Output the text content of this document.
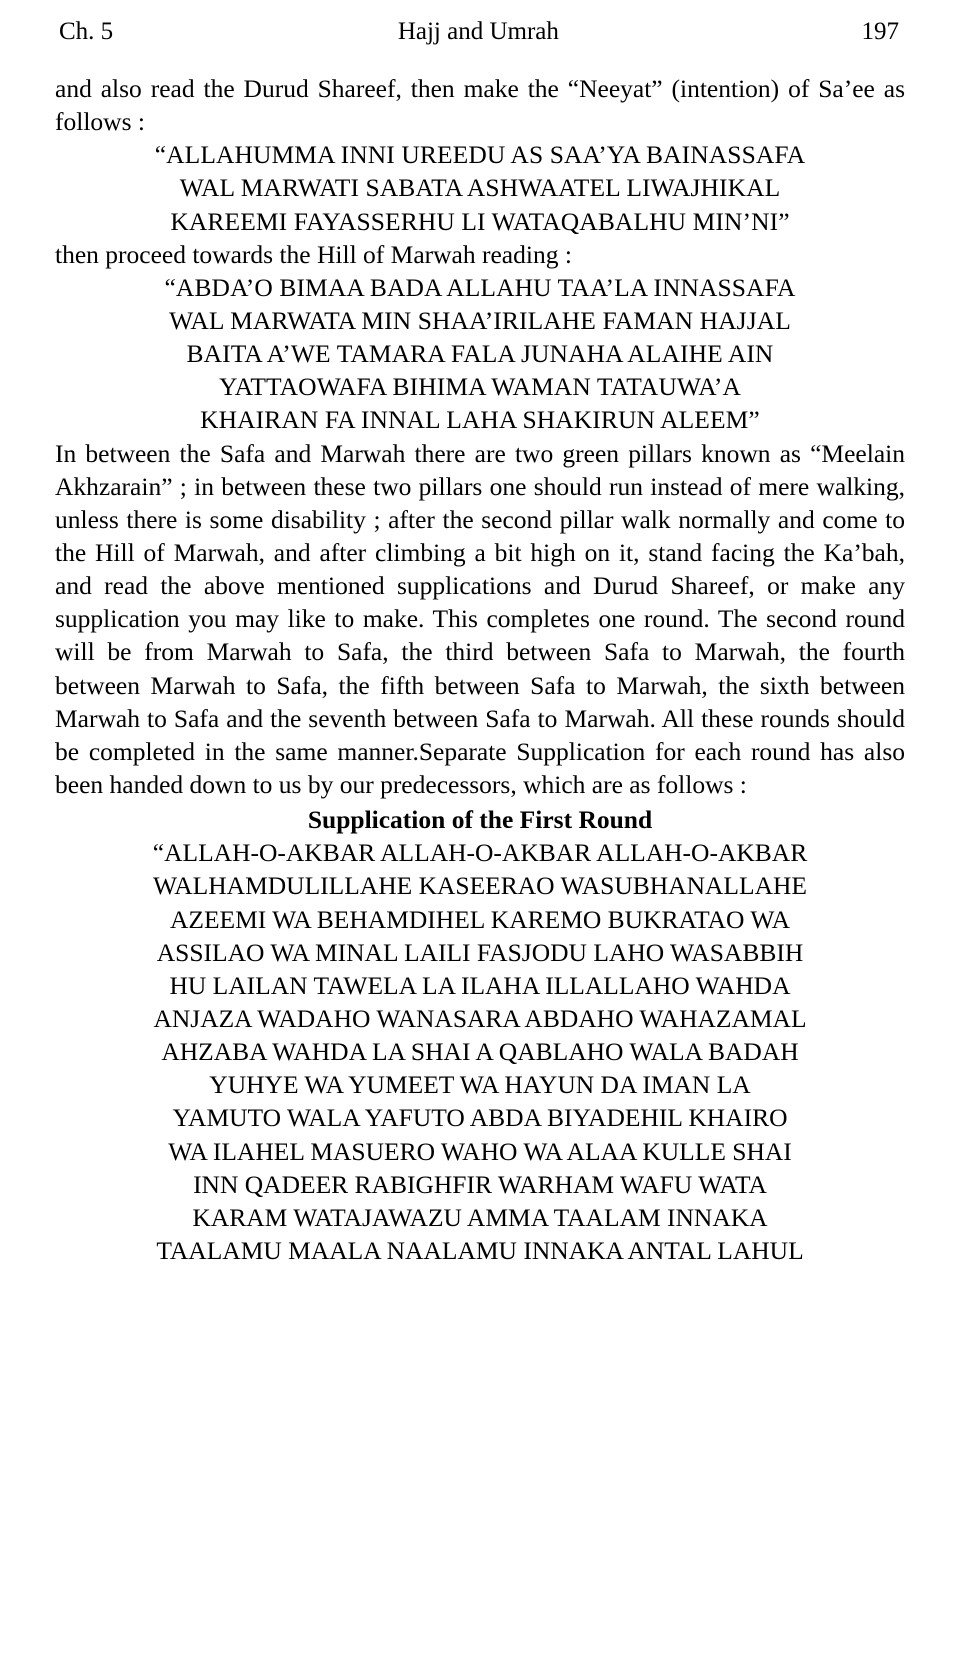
Ch. 5	Hajj and Umrah	197

and also read the Durud Shareef, then make the “Neeyat” (intention) of Sa’ee as follows :

“ALLAHUMMA INNI UREEDU AS SAA’YA BAINASSAFA
WAL MARWATI SABATA ASHWAATEL LIWAJHIKAL
KAREEMI FAYASSERHU LI WATAQABALHU MIN’NI”

then proceed towards the Hill of Marwah reading :

“ABDA’O BIMAA BADA ALLAHU TAA’LA INNASSAFA
WAL MARWATA MIN SHAA’IRILAHE FAMAN HAJJAL
BAITA A’WE TAMARA FALA JUNAHA ALAIHE AIN
YATTAOWAFA BIHIMA WAMAN TATAUWA’A
KHAIRAN FA INNAL LAHA SHAKIRUN ALEEM”

In between the Safa and Marwah there are two green pillars known as “Meelain Akhzarain” ; in between these two pillars one should run instead of mere walking, unless there is some disability ; after the second pillar walk normally and come to the Hill of Marwah, and after climbing a bit high on it, stand facing the Ka’bah, and read the above mentioned supplications and Durud Shareef, or make any supplication you may like to make. This completes one round. The second round will be from Marwah to Safa, the third between Safa to Marwah, the fourth between Marwah to Safa, the fifth between Safa to Marwah, the sixth between Marwah to Safa and the seventh between Safa to Marwah. All these rounds should be completed in the same manner.Separate Supplication for each round has also been handed down to us by our predecessors, which are as follows :

Supplication of the First Round

“ALLAH-O-AKBAR ALLAH-O-AKBAR ALLAH-O-AKBAR
WALHAMDULILLAHE KASEERAO WASUBHANALLAHE
AZEEMI WA BEHAMDIHEL KAREMO BUKRATAO WA
ASSILAO WA MINAL LAILI FASJODU LAHO WASABBIH
HU LAILAN TAWELA LA ILAHA ILLALLAHO WAHDA
ANJAZA WADAHO WANASARA ABDAHO WAHAZAMAL
AHZABA WAHDA LA SHAI A QABLAHO WALA BADAH
YUHYE WA YUMEET WA HAYUN DA IMAN LA
YAMUTO WALA YAFUTO ABDA BIYADEHIL KHAIRO
WA ILAHEL MASUERO WAHO WA ALAA KULLE SHAI
INN QADEER RABIGHFIR WARHAM WAFU WATA
KARAM WATAJAWAZU AMMA TAALAM INNAKA
TAALAMU MAALA NAALAMU INNAKA ANTAL LAHUL
